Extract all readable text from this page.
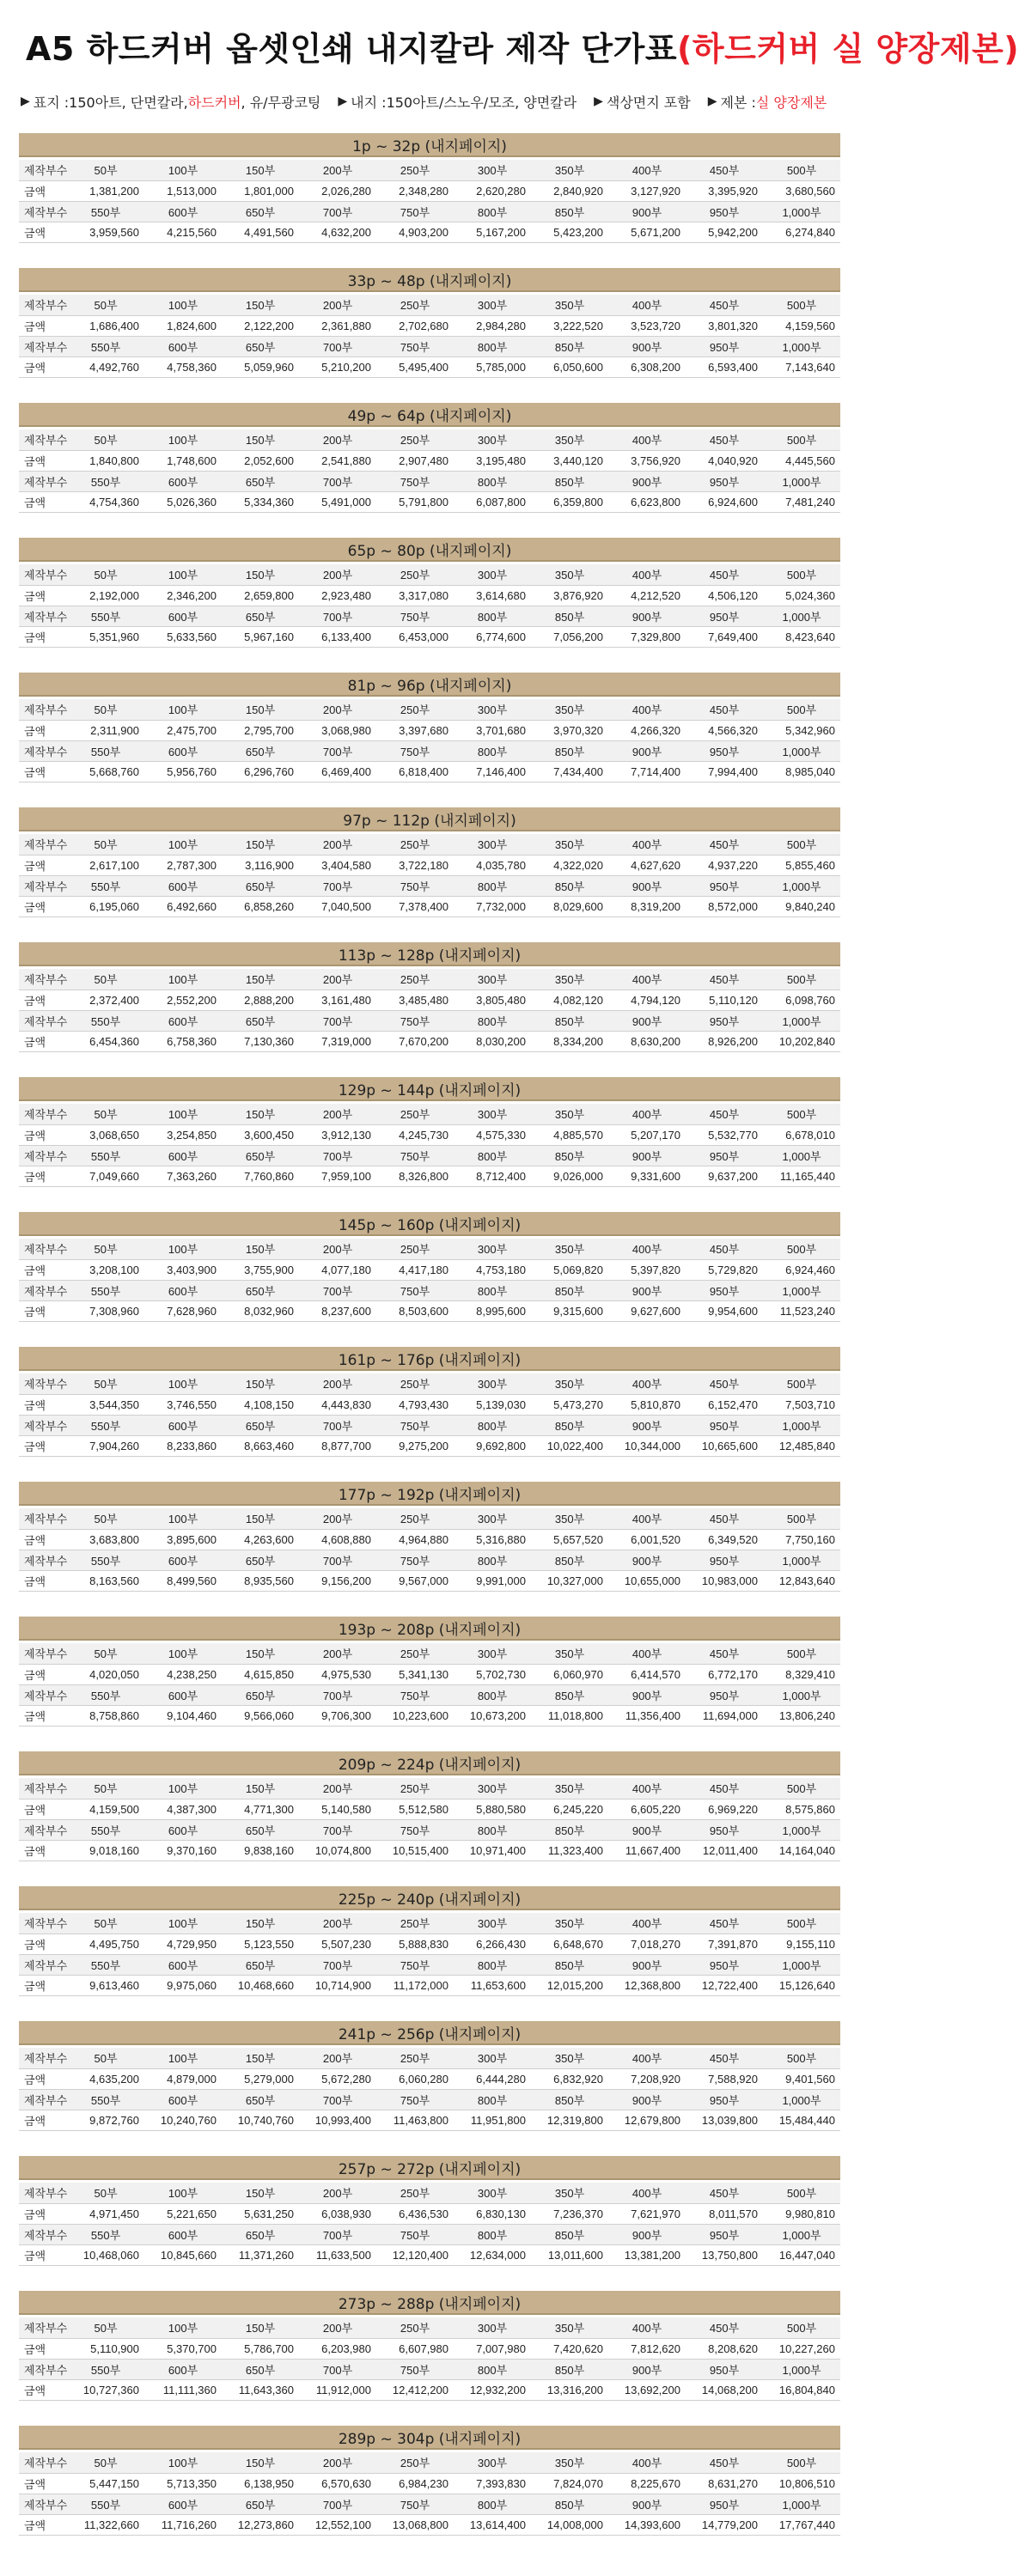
A5 하드커버 옵셋인쇄 내지칼라 제작 단가표(하드커버 실 양장제본)
▶ 표지 : 150아트, 단면칼라, 하드커버 , 유/무광코팅 ▶ 내지 : 150아트/스노우/모조, 양면칼라 ▶ 색상면지 포함 ▶ 제본 : 실 양장제본
1p ~ 32p (내지페이지)
제작부수	50부	100부	150부	200부	250부	300부	350부	400부	450부	500부
금액	1,381,200	1,513,000	1,801,000	2,026,280	2,348,280	2,620,280	2,840,920	3,127,920	3,395,920	3,680,560
제작부수	550부	600부	650부	700부	750부	800부	850부	900부	950부	1,000부
금액	3,959,560	4,215,560	4,491,560	4,632,200	4,903,200	5,167,200	5,423,200	5,671,200	5,942,200	6,274,840
33p ~ 48p (내지페이지)
제작부수	50부	100부	150부	200부	250부	300부	350부	400부	450부	500부
금액	1,686,400	1,824,600	2,122,200	2,361,880	2,702,680	2,984,280	3,222,520	3,523,720	3,801,320	4,159,560
제작부수	550부	600부	650부	700부	750부	800부	850부	900부	950부	1,000부
금액	4,492,760	4,758,360	5,059,960	5,210,200	5,495,400	5,785,000	6,050,600	6,308,200	6,593,400	7,143,640
49p ~ 64p (내지페이지)
제작부수	50부	100부	150부	200부	250부	300부	350부	400부	450부	500부
금액	1,840,800	1,748,600	2,052,600	2,541,880	2,907,480	3,195,480	3,440,120	3,756,920	4,040,920	4,445,560
제작부수	550부	600부	650부	700부	750부	800부	850부	900부	950부	1,000부
금액	4,754,360	5,026,360	5,334,360	5,491,000	5,791,800	6,087,800	6,359,800	6,623,800	6,924,600	7,481,240
65p ~ 80p (내지페이지)
제작부수	50부	100부	150부	200부	250부	300부	350부	400부	450부	500부
금액	2,192,000	2,346,200	2,659,800	2,923,480	3,317,080	3,614,680	3,876,920	4,212,520	4,506,120	5,024,360
제작부수	550부	600부	650부	700부	750부	800부	850부	900부	950부	1,000부
금액	5,351,960	5,633,560	5,967,160	6,133,400	6,453,000	6,774,600	7,056,200	7,329,800	7,649,400	8,423,640
81p ~ 96p (내지페이지)
제작부수	50부	100부	150부	200부	250부	300부	350부	400부	450부	500부
금액	2,311,900	2,475,700	2,795,700	3,068,980	3,397,680	3,701,680	3,970,320	4,266,320	4,566,320	5,342,960
제작부수	550부	600부	650부	700부	750부	800부	850부	900부	950부	1,000부
금액	5,668,760	5,956,760	6,296,760	6,469,400	6,818,400	7,146,400	7,434,400	7,714,400	7,994,400	8,985,040
97p ~ 112p (내지페이지)
제작부수	50부	100부	150부	200부	250부	300부	350부	400부	450부	500부
금액	2,617,100	2,787,300	3,116,900	3,404,580	3,722,180	4,035,780	4,322,020	4,627,620	4,937,220	5,855,460
제작부수	550부	600부	650부	700부	750부	800부	850부	900부	950부	1,000부
금액	6,195,060	6,492,660	6,858,260	7,040,500	7,378,400	7,732,000	8,029,600	8,319,200	8,572,000	9,840,240
113p ~ 128p (내지페이지)
제작부수	50부	100부	150부	200부	250부	300부	350부	400부	450부	500부
금액	2,372,400	2,552,200	2,888,200	3,161,480	3,485,480	3,805,480	4,082,120	4,794,120	5,110,120	6,098,760
제작부수	550부	600부	650부	700부	750부	800부	850부	900부	950부	1,000부
금액	6,454,360	6,758,360	7,130,360	7,319,000	7,670,200	8,030,200	8,334,200	8,630,200	8,926,200	10,202,840
129p ~ 144p (내지페이지)
제작부수	50부	100부	150부	200부	250부	300부	350부	400부	450부	500부
금액	3,068,650	3,254,850	3,600,450	3,912,130	4,245,730	4,575,330	4,885,570	5,207,170	5,532,770	6,678,010
제작부수	550부	600부	650부	700부	750부	800부	850부	900부	950부	1,000부
금액	7,049,660	7,363,260	7,760,860	7,959,100	8,326,800	8,712,400	9,026,000	9,331,600	9,637,200	11,165,440
145p ~ 160p (내지페이지)
제작부수	50부	100부	150부	200부	250부	300부	350부	400부	450부	500부
금액	3,208,100	3,403,900	3,755,900	4,077,180	4,417,180	4,753,180	5,069,820	5,397,820	5,729,820	6,924,460
제작부수	550부	600부	650부	700부	750부	800부	850부	900부	950부	1,000부
금액	7,308,960	7,628,960	8,032,960	8,237,600	8,503,600	8,995,600	9,315,600	9,627,600	9,954,600	11,523,240
161p ~ 176p (내지페이지)
제작부수	50부	100부	150부	200부	250부	300부	350부	400부	450부	500부
금액	3,544,350	3,746,550	4,108,150	4,443,830	4,793,430	5,139,030	5,473,270	5,810,870	6,152,470	7,503,710
제작부수	550부	600부	650부	700부	750부	800부	850부	900부	950부	1,000부
금액	7,904,260	8,233,860	8,663,460	8,877,700	9,275,200	9,692,800	10,022,400	10,344,000	10,665,600	12,485,840
177p ~ 192p (내지페이지)
제작부수	50부	100부	150부	200부	250부	300부	350부	400부	450부	500부
금액	3,683,800	3,895,600	4,263,600	4,608,880	4,964,880	5,316,880	5,657,520	6,001,520	6,349,520	7,750,160
제작부수	550부	600부	650부	700부	750부	800부	850부	900부	950부	1,000부
금액	8,163,560	8,499,560	8,935,560	9,156,200	9,567,000	9,991,000	10,327,000	10,655,000	10,983,000	12,843,640
193p ~ 208p (내지페이지)
제작부수	50부	100부	150부	200부	250부	300부	350부	400부	450부	500부
금액	4,020,050	4,238,250	4,615,850	4,975,530	5,341,130	5,702,730	6,060,970	6,414,570	6,772,170	8,329,410
제작부수	550부	600부	650부	700부	750부	800부	850부	900부	950부	1,000부
금액	8,758,860	9,104,460	9,566,060	9,706,300	10,223,600	10,673,200	11,018,800	11,356,400	11,694,000	13,806,240
209p ~ 224p (내지페이지)
제작부수	50부	100부	150부	200부	250부	300부	350부	400부	450부	500부
금액	4,159,500	4,387,300	4,771,300	5,140,580	5,512,580	5,880,580	6,245,220	6,605,220	6,969,220	8,575,860
제작부수	550부	600부	650부	700부	750부	800부	850부	900부	950부	1,000부
금액	9,018,160	9,370,160	9,838,160	10,074,800	10,515,400	10,971,400	11,323,400	11,667,400	12,011,400	14,164,040
225p ~ 240p (내지페이지)
제작부수	50부	100부	150부	200부	250부	300부	350부	400부	450부	500부
금액	4,495,750	4,729,950	5,123,550	5,507,230	5,888,830	6,266,430	6,648,670	7,018,270	7,391,870	9,155,110
제작부수	550부	600부	650부	700부	750부	800부	850부	900부	950부	1,000부
금액	9,613,460	9,975,060	10,468,660	10,714,900	11,172,000	11,653,600	12,015,200	12,368,800	12,722,400	15,126,640
241p ~ 256p (내지페이지)
제작부수	50부	100부	150부	200부	250부	300부	350부	400부	450부	500부
금액	4,635,200	4,879,000	5,279,000	5,672,280	6,060,280	6,444,280	6,832,920	7,208,920	7,588,920	9,401,560
제작부수	550부	600부	650부	700부	750부	800부	850부	900부	950부	1,000부
금액	9,872,760	10,240,760	10,740,760	10,993,400	11,463,800	11,951,800	12,319,800	12,679,800	13,039,800	15,484,440
257p ~ 272p (내지페이지)
제작부수	50부	100부	150부	200부	250부	300부	350부	400부	450부	500부
금액	4,971,450	5,221,650	5,631,250	6,038,930	6,436,530	6,830,130	7,236,370	7,621,970	8,011,570	9,980,810
제작부수	550부	600부	650부	700부	750부	800부	850부	900부	950부	1,000부
금액	10,468,060	10,845,660	11,371,260	11,633,500	12,120,400	12,634,000	13,011,600	13,381,200	13,750,800	16,447,040
273p ~ 288p (내지페이지)
제작부수	50부	100부	150부	200부	250부	300부	350부	400부	450부	500부
금액	5,110,900	5,370,700	5,786,700	6,203,980	6,607,980	7,007,980	7,420,620	7,812,620	8,208,620	10,227,260
제작부수	550부	600부	650부	700부	750부	800부	850부	900부	950부	1,000부
금액	10,727,360	11,111,360	11,643,360	11,912,000	12,412,200	12,932,200	13,316,200	13,692,200	14,068,200	16,804,840
289p ~ 304p (내지페이지)
제작부수	50부	100부	150부	200부	250부	300부	350부	400부	450부	500부
금액	5,447,150	5,713,350	6,138,950	6,570,630	6,984,230	7,393,830	7,824,070	8,225,670	8,631,270	10,806,510
제작부수	550부	600부	650부	700부	750부	800부	850부	900부	950부	1,000부
금액	11,322,660	11,716,260	12,273,860	12,552,100	13,068,800	13,614,400	14,008,000	14,393,600	14,779,200	17,767,440
